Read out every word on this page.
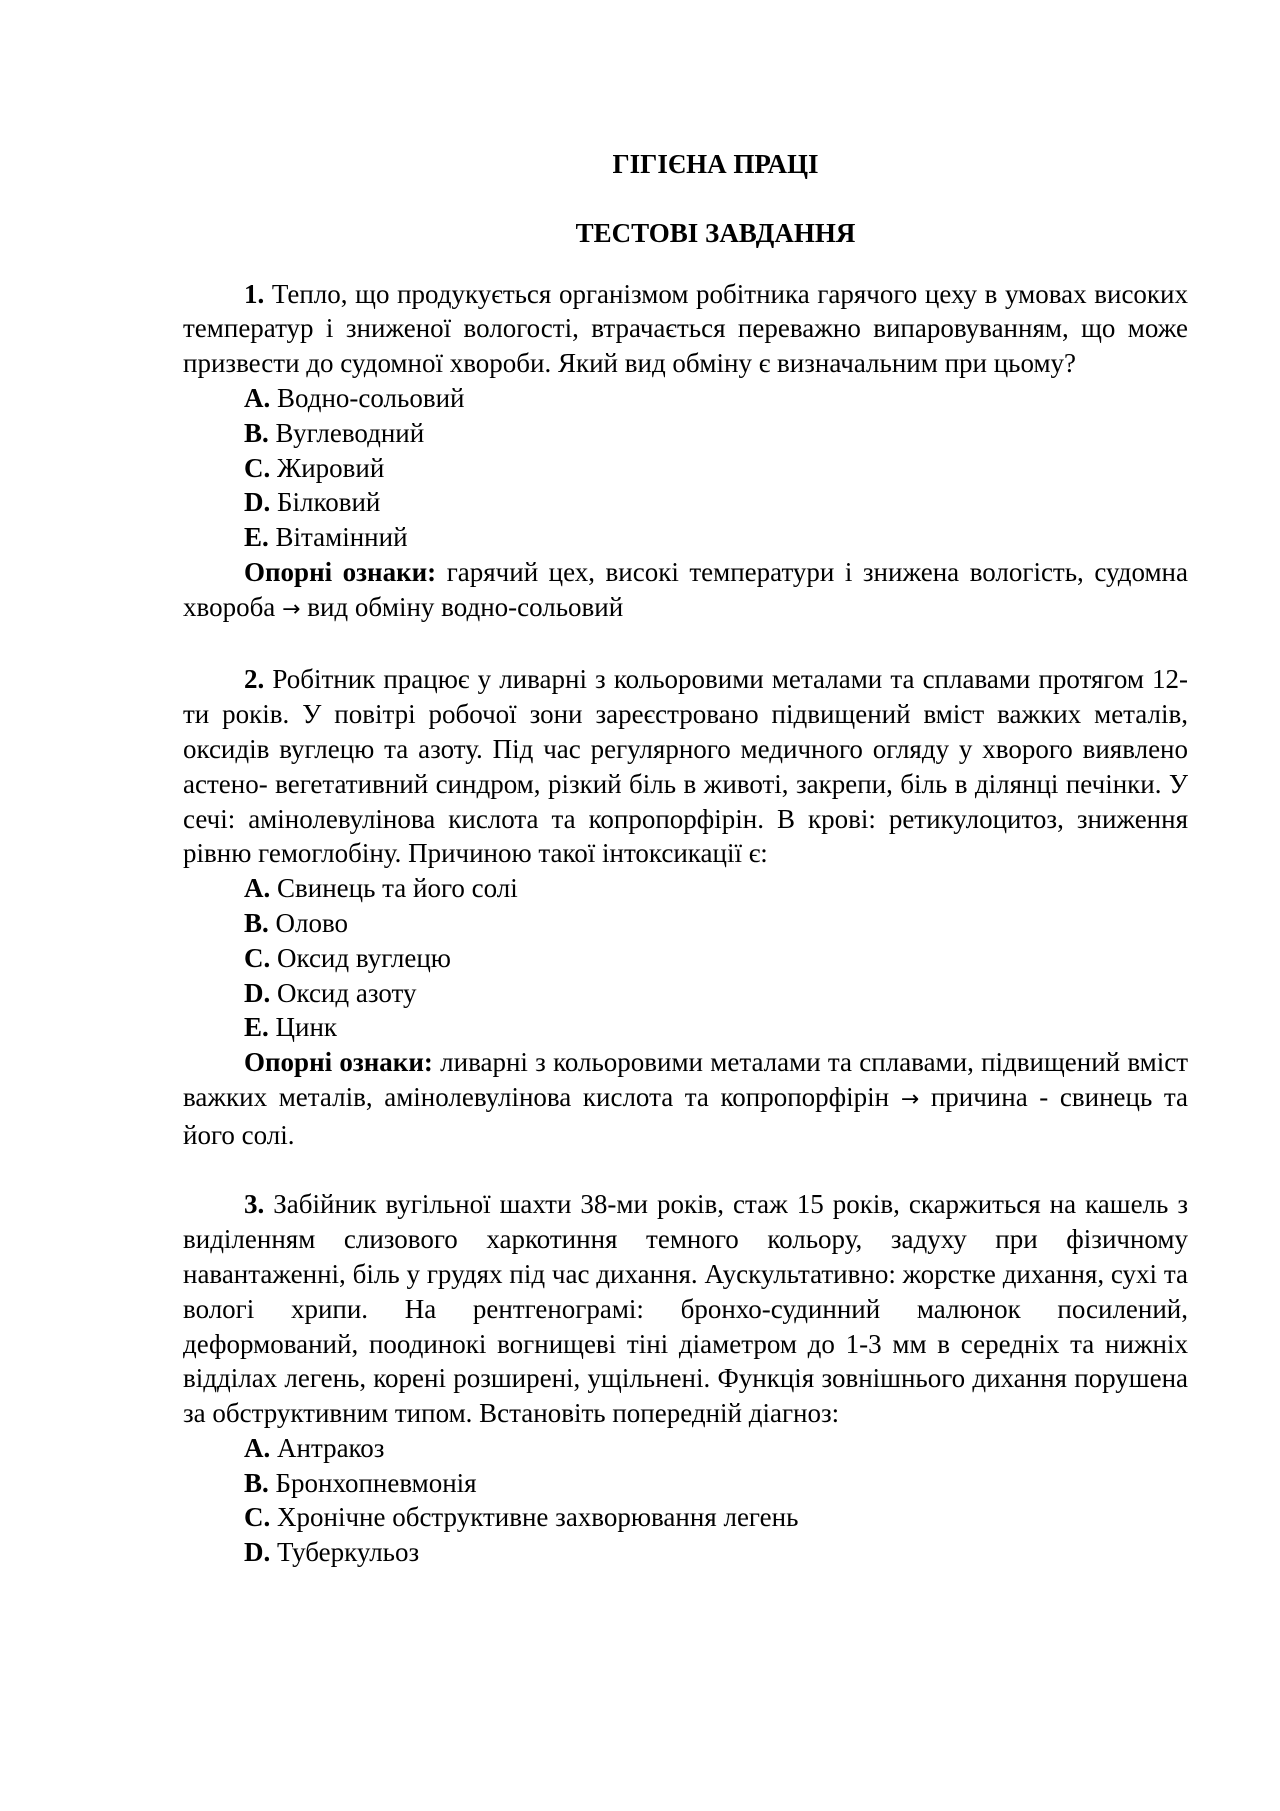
ГІГІЄНА ПРАЦІ

ТЕСТОВІ ЗАВДАННЯ

1. Тепло, що продукується організмом робітника гарячого цеху в умовах високих температур і зниженої вологості, втрачається переважно випаровуванням, що може призвести до судомної хвороби. Який вид обміну є визначальним при цьому?

A. Водно-сольовий
B. Вуглеводний
C. Жировий
D. Білковий
E. Вітамінний

Опорні ознаки: гарячий цех, високі температури і знижена вологість, судомна хвороба → вид обміну водно-сольовий

2. Робітник працює у ливарні з кольоровими металами та сплавами протягом 12-ти років. У повітрі робочої зони зареєстровано підвищений вміст важких металів, оксидів вуглецю та азоту. Під час регулярного медичного огляду у хворого виявлено астено- вегетативний синдром, різкий біль в животі, закрепи, біль в ділянці печінки. У сечі: амінолевулінова кислота та копропорфірін. В крові: ретикулоцитоз, зниження рівню гемоглобіну. Причиною такої інтоксикації є:

A. Свинець та його солі
B. Олово
C. Оксид вуглецю
D. Оксид азоту
E. Цинк

Опорні ознаки: ливарні з кольоровими металами та сплавами, підвищений вміст важких металів, амінолевулінова кислота та копропорфірін → причина - свинець та його солі.

3. Забійник вугільної шахти 38-ми років, стаж 15 років, скаржиться на кашель з виділенням слизового харкотиння темного кольору, задуху при фізичному навантаженні, біль у грудях під час дихання. Аускультативно: жорстке дихання, сухі та вологі хрипи. На рентгенограмі: бронхо-судинний малюнок посилений, деформований, поодинокі вогнищеві тіні діаметром до 1-3 мм в середніх та нижніх відділах легень, корені розширені, ущільнені. Функція зовнішнього дихання порушена за обструктивним типом. Встановіть попередній діагноз:

A. Антракоз
B. Бронхопневмонія
C. Хронічне обструктивне захворювання легень
D. Туберкульоз
